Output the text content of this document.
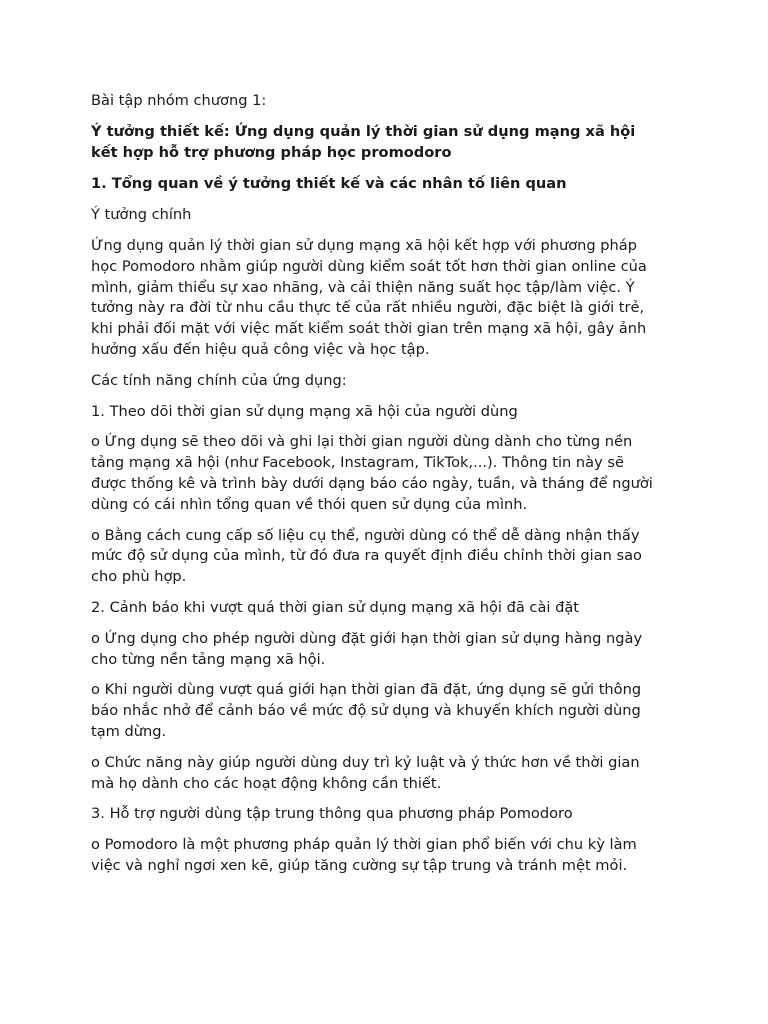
Bài tập nhóm chương 1:

Ý tưởng thiết kế: Ứng dụng quản lý thời gian sử dụng mạng xã hội
kết hợp hỗ trợ phương pháp học promodoro

1. Tổng quan về ý tưởng thiết kế và các nhân tố liên quan

Ý tưởng chính

Ứng dụng quản lý thời gian sử dụng mạng xã hội kết hợp với phương pháp
học Pomodoro nhằm giúp người dùng kiểm soát tốt hơn thời gian online của
mình, giảm thiểu sự xao nhãng, và cải thiện năng suất học tập/làm việc. Ý
tưởng này ra đời từ nhu cầu thực tế của rất nhiều người, đặc biệt là giới trẻ,
khi phải đối mặt với việc mất kiểm soát thời gian trên mạng xã hội, gây ảnh
hưởng xấu đến hiệu quả công việc và học tập.

Các tính năng chính của ứng dụng:

1. Theo dõi thời gian sử dụng mạng xã hội của người dùng

o Ứng dụng sẽ theo dõi và ghi lại thời gian người dùng dành cho từng nền
tảng mạng xã hội (như Facebook, Instagram, TikTok,...). Thông tin này sẽ
được thống kê và trình bày dưới dạng báo cáo ngày, tuần, và tháng để người
dùng có cái nhìn tổng quan về thói quen sử dụng của mình.

o Bằng cách cung cấp số liệu cụ thể, người dùng có thể dễ dàng nhận thấy
mức độ sử dụng của mình, từ đó đưa ra quyết định điều chỉnh thời gian sao
cho phù hợp.

2. Cảnh báo khi vượt quá thời gian sử dụng mạng xã hội đã cài đặt

o Ứng dụng cho phép người dùng đặt giới hạn thời gian sử dụng hàng ngày
cho từng nền tảng mạng xã hội.

o Khi người dùng vượt quá giới hạn thời gian đã đặt, ứng dụng sẽ gửi thông
báo nhắc nhở để cảnh báo về mức độ sử dụng và khuyến khích người dùng
tạm dừng.

o Chức năng này giúp người dùng duy trì kỷ luật và ý thức hơn về thời gian
mà họ dành cho các hoạt động không cần thiết.

3. Hỗ trợ người dùng tập trung thông qua phương pháp Pomodoro

o Pomodoro là một phương pháp quản lý thời gian phổ biến với chu kỳ làm
việc và nghỉ ngơi xen kẽ, giúp tăng cường sự tập trung và tránh mệt mỏi.
